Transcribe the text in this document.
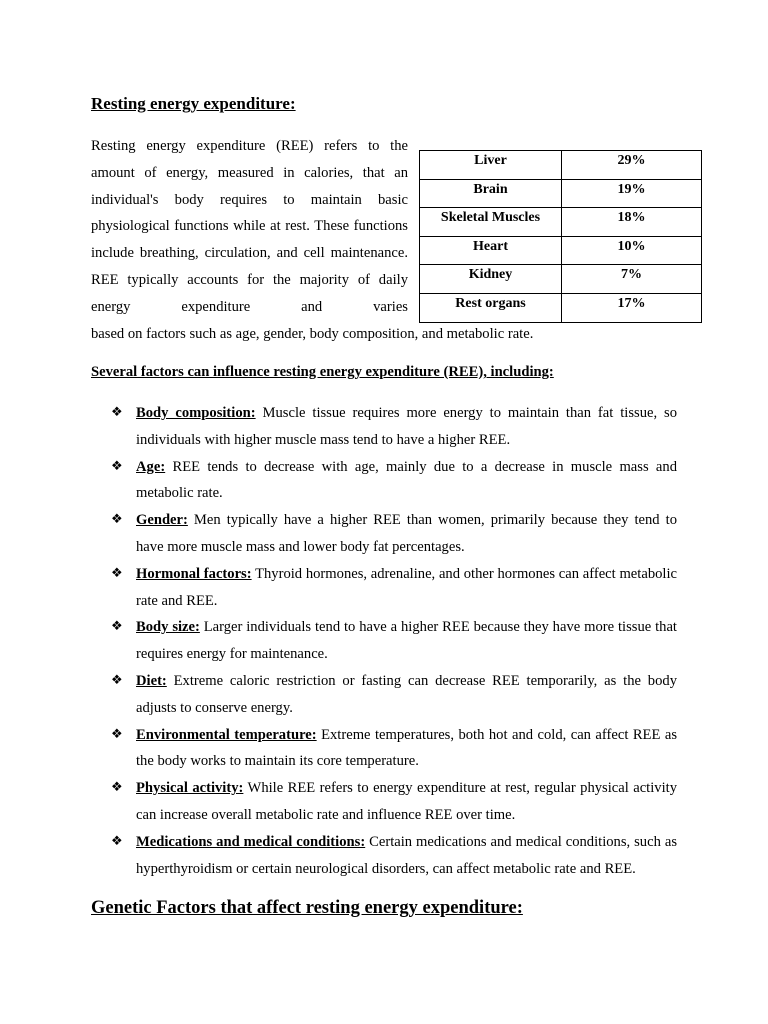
Resting energy expenditure:
Resting energy expenditure (REE) refers to the amount of energy, measured in calories, that an individual's body requires to maintain basic physiological functions while at rest. These functions include breathing, circulation, and cell maintenance. REE typically accounts for the majority of daily energy expenditure and varies
based on factors such as age, gender, body composition, and metabolic rate.
Liver	29%
Brain	19%
Skeletal Muscles	18%
Heart	10%
Kidney	7%
Rest organs	17%
Several factors can influence resting energy expenditure (REE), including:
❖ Body composition: Muscle tissue requires more energy to maintain than fat tissue, so individuals with higher muscle mass tend to have a higher REE.
❖ Age: REE tends to decrease with age, mainly due to a decrease in muscle mass and metabolic rate.
❖ Gender: Men typically have a higher REE than women, primarily because they tend to have more muscle mass and lower body fat percentages.
❖ Hormonal factors: Thyroid hormones, adrenaline, and other hormones can affect metabolic rate and REE.
❖ Body size: Larger individuals tend to have a higher REE because they have more tissue that requires energy for maintenance.
❖ Diet: Extreme caloric restriction or fasting can decrease REE temporarily, as the body adjusts to conserve energy.
❖ Environmental temperature: Extreme temperatures, both hot and cold, can affect REE as the body works to maintain its core temperature.
❖ Physical activity: While REE refers to energy expenditure at rest, regular physical activity can increase overall metabolic rate and influence REE over time.
❖ Medications and medical conditions: Certain medications and medical conditions, such as hyperthyroidism or certain neurological disorders, can affect metabolic rate and REE.
Genetic Factors that affect resting energy expenditure:
